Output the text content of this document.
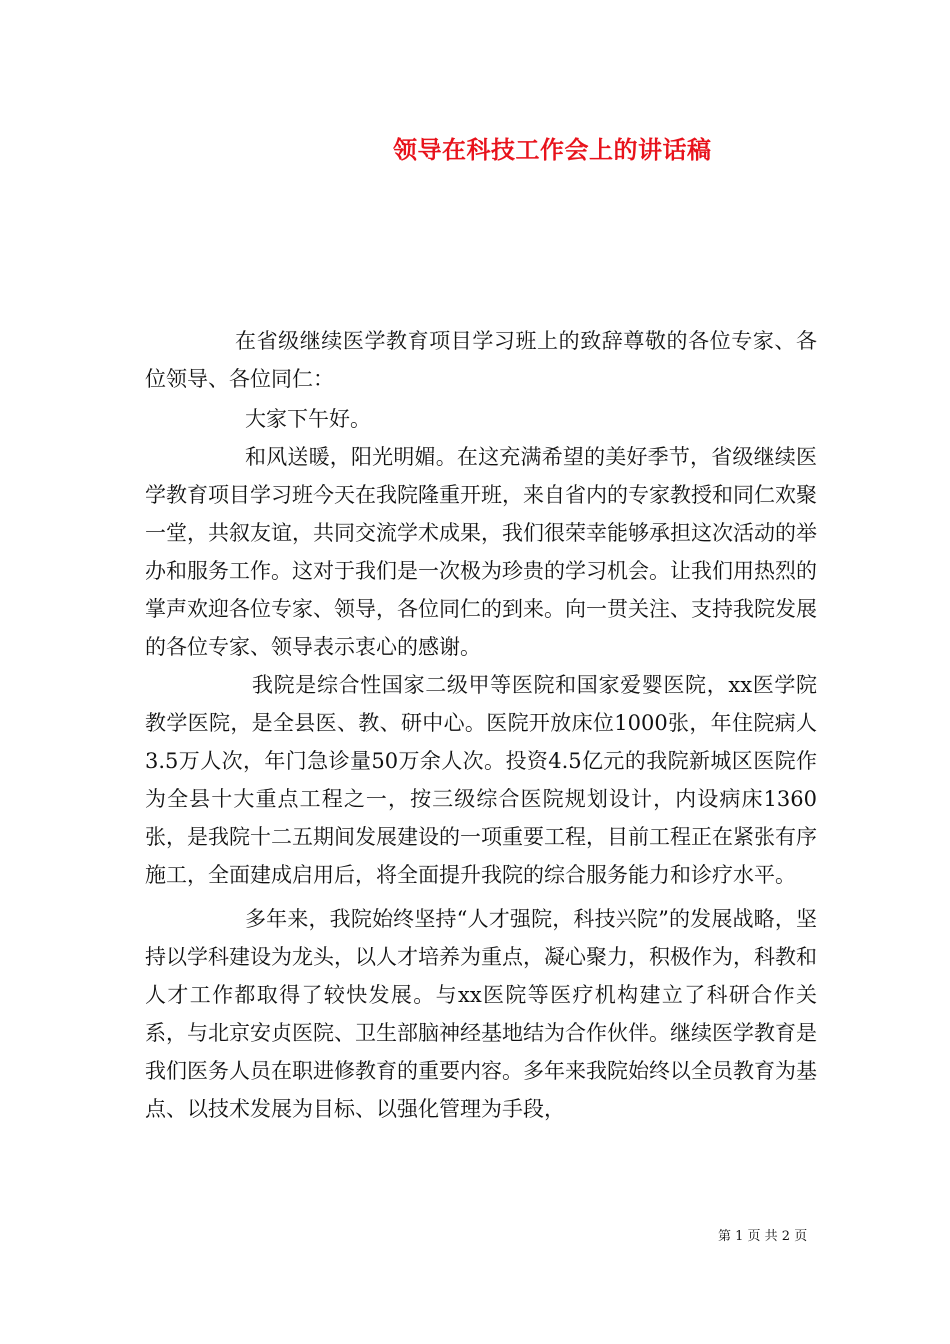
领导在科技工作会上的讲话稿

在省级继续医学教育项目学习班上的致辞尊敬的各位专家、各位领导、各位同仁：

大家下午好。

和风送暖，阳光明媚。在这充满希望的美好季节，省级继续医学教育项目学习班今天在我院隆重开班，来自省内的专家教授和同仁欢聚一堂，共叙友谊，共同交流学术成果，我们很荣幸能够承担这次活动的举办和服务工作。这对于我们是一次极为珍贵的学习机会。让我们用热烈的掌声欢迎各位专家、领导，各位同仁的到来。向一贯关注、支持我院发展的各位专家、领导表示衷心的感谢。

我院是综合性国家二级甲等医院和国家爱婴医院，xx医学院教学医院，是全县医、教、研中心。医院开放床位1000张，年住院病人3.5万人次，年门急诊量50万余人次。投资4.5亿元的我院新城区医院作为全县十大重点工程之一，按三级综合医院规划设计，内设病床1360张，是我院十二五期间发展建设的一项重要工程，目前工程正在紧张有序施工，全面建成启用后，将全面提升我院的综合服务能力和诊疗水平。

多年来，我院始终坚持“人才强院，科技兴院”的发展战略，坚持以学科建设为龙头，以人才培养为重点，凝心聚力，积极作为，科教和人才工作都取得了较快发展。与xx医院等医疗机构建立了科研合作关系，与北京安贞医院、卫生部脑神经基地结为合作伙伴。继续医学教育是我们医务人员在职进修教育的重要内容。多年来我院始终以全员教育为基点、以技术发展为目标、以强化管理为手段，

第 1 页 共 2 页
